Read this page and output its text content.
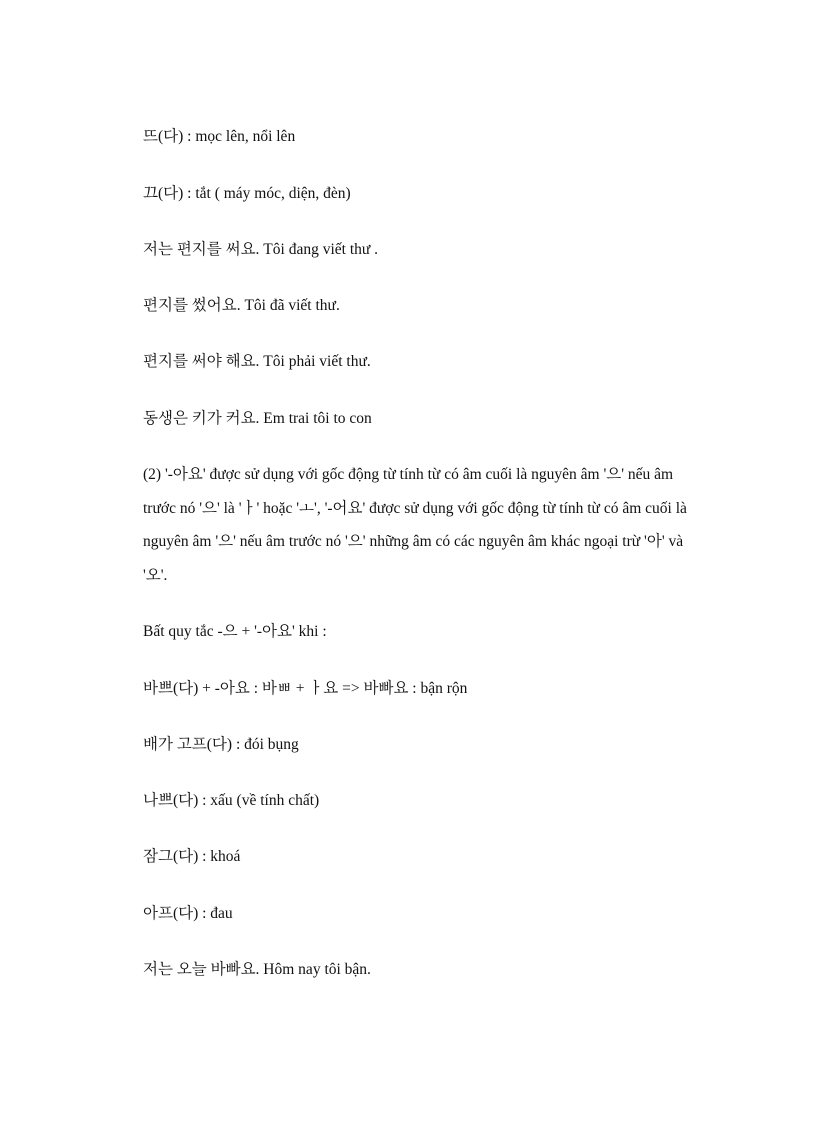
뜨(다) : mọc lên, nổi lên
끄(다) : tắt ( máy móc, diện, đèn)
저는 편지를 써요. Tôi đang viết thư .
편지를 썼어요. Tôi đã viết thư.
편지를 써야 해요. Tôi phải viết thư.
동생은 키가 커요. Em trai tôi to con
(2) '-아요' được sử dụng với gốc động từ tính từ có âm cuối là nguyên âm '으' nếu âm
trước nó '으' là 'ㅏ' hoặc 'ㅗ', '-어요' được sử dụng với gốc động từ tính từ có âm cuối là
nguyên âm '으' nếu âm trước nó '으' những âm có các nguyên âm khác ngoại trừ '아' và
'오'.
Bất quy tắc -으 + '-아요' khi :
바쁘(다) + -아요 : 바ㅃ + ㅏ요 => 바빠요 : bận rộn
배가 고프(다) : đói bụng
나쁘(다) : xấu (về tính chất)
잠그(다) : khoá
아프(다) : đau
저는 오늘 바빠요. Hôm nay tôi bận.
